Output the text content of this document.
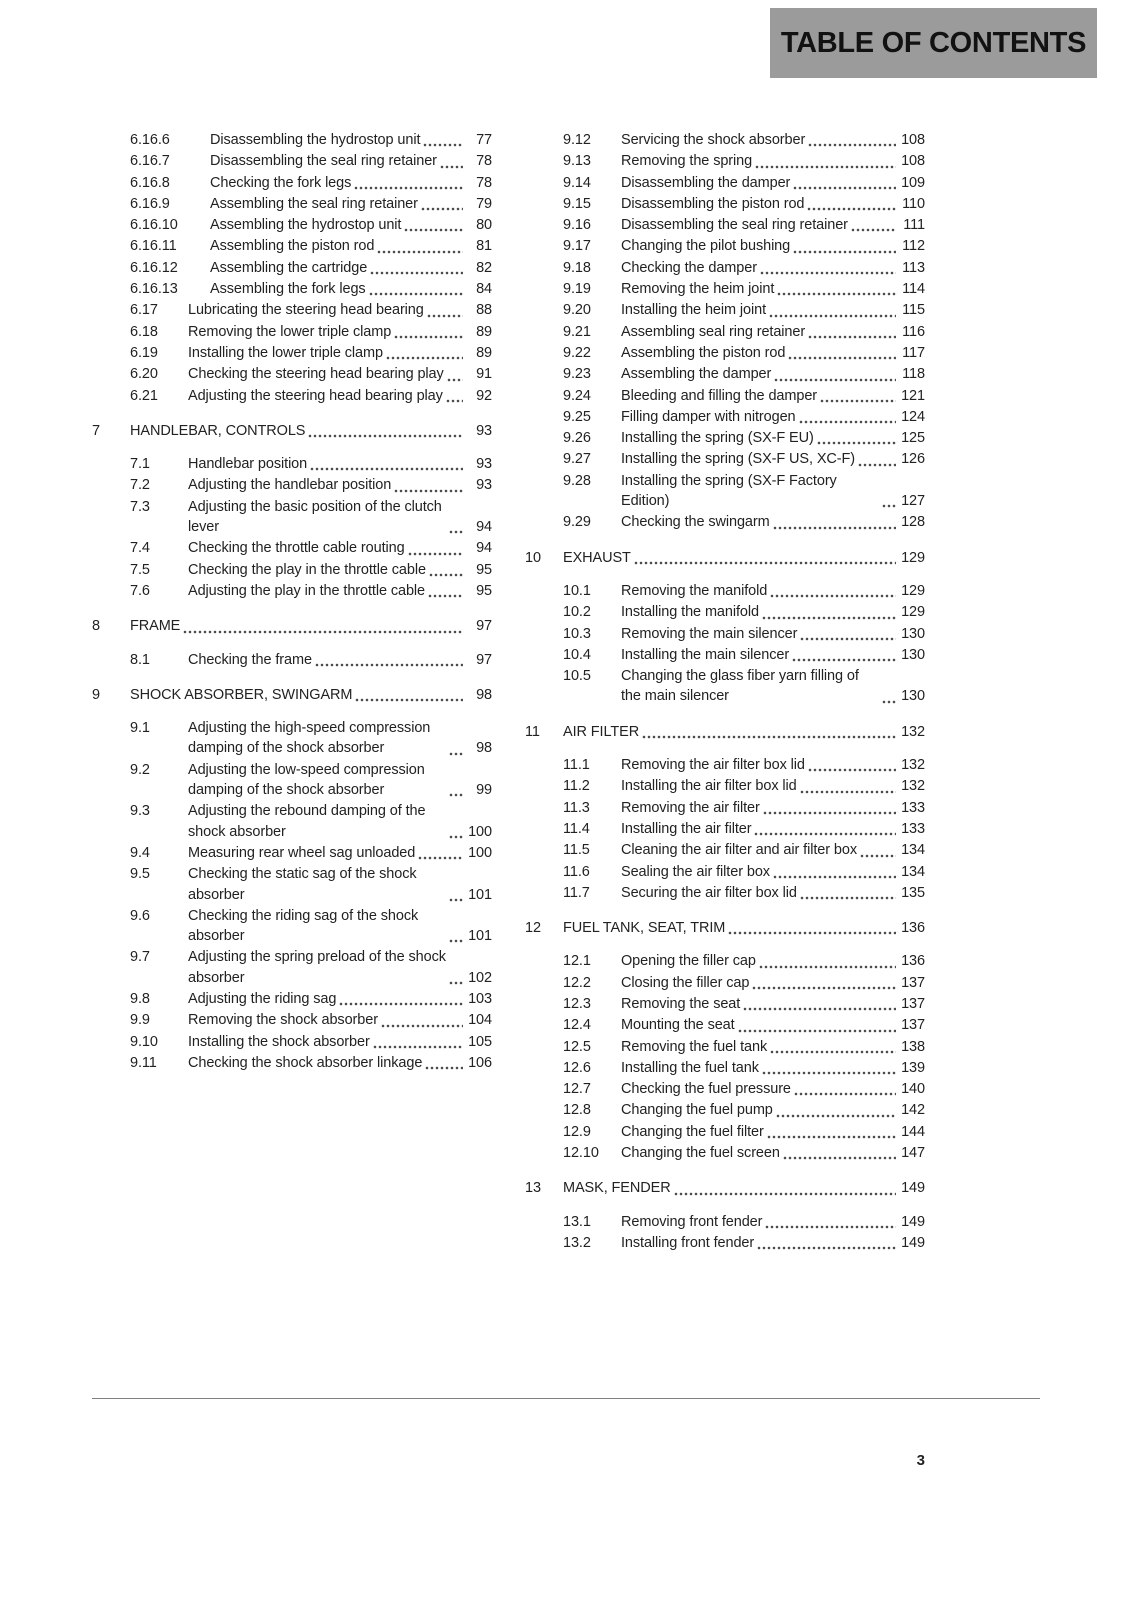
TABLE OF CONTENTS
6.16.6	Disassembling the hydrostop unit	77
6.16.7	Disassembling the seal ring retainer	78
6.16.8	Checking the fork legs	78
6.16.9	Assembling the seal ring retainer	79
6.16.10	Assembling the hydrostop unit	80
6.16.11	Assembling the piston rod	81
6.16.12	Assembling the cartridge	82
6.16.13	Assembling the fork legs	84
6.17	Lubricating the steering head bearing	88
6.18	Removing the lower triple clamp	89
6.19	Installing the lower triple clamp	89
6.20	Checking the steering head bearing play	91
6.21	Adjusting the steering head bearing play	92
7	HANDLEBAR, CONTROLS	93
7.1	Handlebar position	93
7.2	Adjusting the handlebar position	93
7.3	Adjusting the basic position of the clutch lever	94
7.4	Checking the throttle cable routing	94
7.5	Checking the play in the throttle cable	95
7.6	Adjusting the play in the throttle cable	95
8	FRAME	97
8.1	Checking the frame	97
9	SHOCK ABSORBER, SWINGARM	98
9.1	Adjusting the high-speed compression damping of the shock absorber	98
9.2	Adjusting the low-speed compression damping of the shock absorber	99
9.3	Adjusting the rebound damping of the shock absorber	100
9.4	Measuring rear wheel sag unloaded	100
9.5	Checking the static sag of the shock absorber	101
9.6	Checking the riding sag of the shock absorber	101
9.7	Adjusting the spring preload of the shock absorber	102
9.8	Adjusting the riding sag	103
9.9	Removing the shock absorber	104
9.10	Installing the shock absorber	105
9.11	Checking the shock absorber linkage	106
9.12	Servicing the shock absorber	108
9.13	Removing the spring	108
9.14	Disassembling the damper	109
9.15	Disassembling the piston rod	110
9.16	Disassembling the seal ring retainer	111
9.17	Changing the pilot bushing	112
9.18	Checking the damper	113
9.19	Removing the heim joint	114
9.20	Installing the heim joint	115
9.21	Assembling seal ring retainer	116
9.22	Assembling the piston rod	117
9.23	Assembling the damper	118
9.24	Bleeding and filling the damper	121
9.25	Filling damper with nitrogen	124
9.26	Installing the spring (SX-F EU)	125
9.27	Installing the spring (SX-F US, XC-F)	126
9.28	Installing the spring (SX-F Factory Edition)	127
9.29	Checking the swingarm	128
10	EXHAUST	129
10.1	Removing the manifold	129
10.2	Installing the manifold	129
10.3	Removing the main silencer	130
10.4	Installing the main silencer	130
10.5	Changing the glass fiber yarn filling of the main silencer	130
11	AIR FILTER	132
11.1	Removing the air filter box lid	132
11.2	Installing the air filter box lid	132
11.3	Removing the air filter	133
11.4	Installing the air filter	133
11.5	Cleaning the air filter and air filter box	134
11.6	Sealing the air filter box	134
11.7	Securing the air filter box lid	135
12	FUEL TANK, SEAT, TRIM	136
12.1	Opening the filler cap	136
12.2	Closing the filler cap	137
12.3	Removing the seat	137
12.4	Mounting the seat	137
12.5	Removing the fuel tank	138
12.6	Installing the fuel tank	139
12.7	Checking the fuel pressure	140
12.8	Changing the fuel pump	142
12.9	Changing the fuel filter	144
12.10	Changing the fuel screen	147
13	MASK, FENDER	149
13.1	Removing front fender	149
13.2	Installing front fender	149
3
